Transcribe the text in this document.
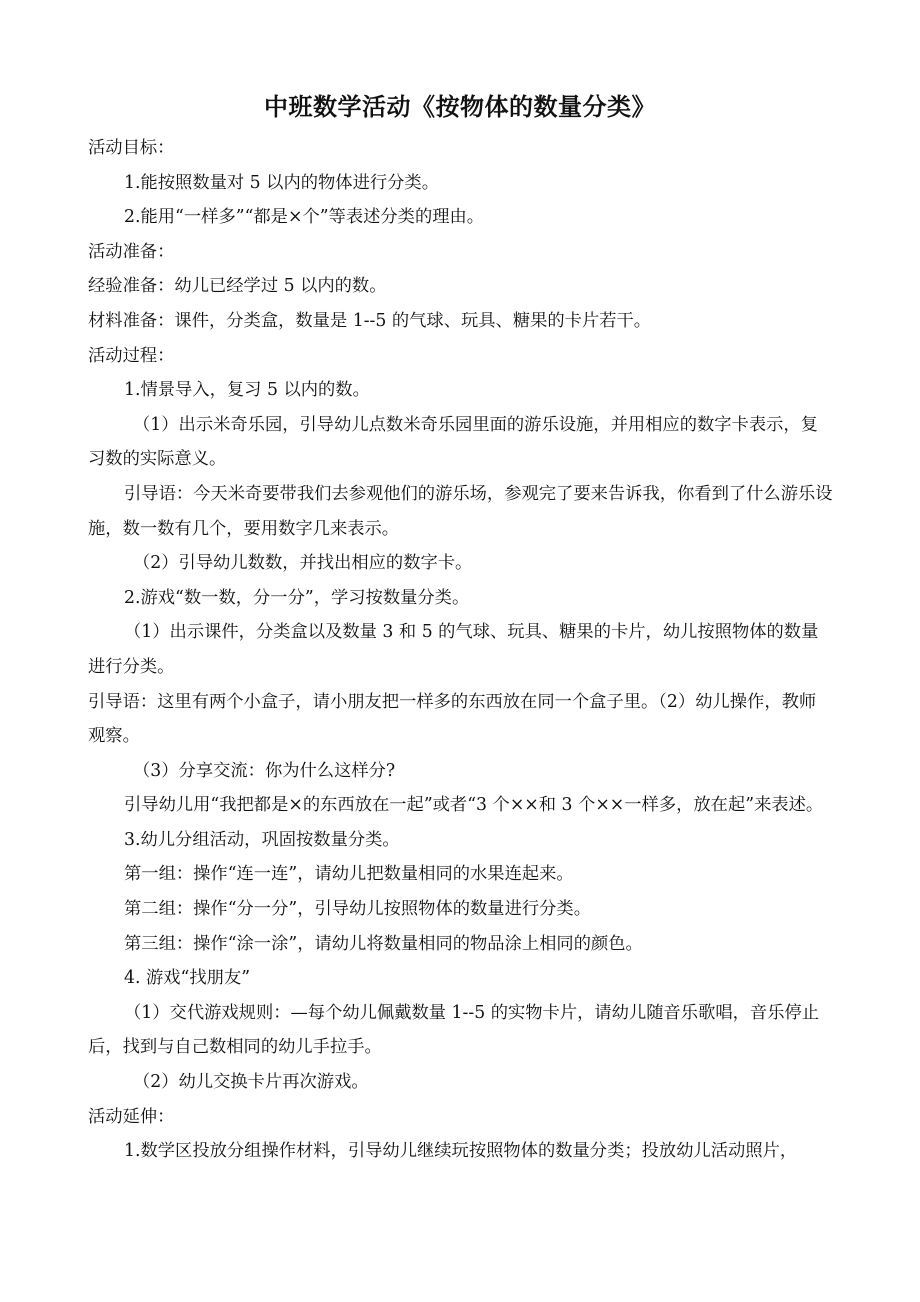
中班数学活动《按物体的数量分类》

活动目标：

1.能按照数量对 5 以内的物体进行分类。

2.能用“一样多”“都是×个”等表述分类的理由。

活动准备：

经验准备：幼儿已经学过 5 以内的数。

材料准备：课件，分类盒，数量是 1--5 的气球、玩具、糖果的卡片若干。

活动过程：

1.情景导入，复习 5 以内的数。

（1）出示米奇乐园，引导幼儿点数米奇乐园里面的游乐设施，并用相应的数字卡表示，复习数的实际意义。

引导语：今天米奇要带我们去参观他们的游乐场，参观完了要来告诉我，你看到了什么游乐设施，数一数有几个，要用数字几来表示。

（2）引导幼儿数数，并找出相应的数字卡。

2.游戏“数一数，分一分”，学习按数量分类。

（1）出示课件，分类盒以及数量 3 和 5 的气球、玩具、糖果的卡片，幼儿按照物体的数量进行分类。

引导语：这里有两个小盒子，请小朋友把一样多的东西放在同一个盒子里。（2）幼儿操作，教师观察。

（3）分享交流：你为什么这样分?

引导幼儿用“我把都是×的东西放在一起”或者“3 个××和 3 个××一样多，放在起”来表述。

3.幼儿分组活动，巩固按数量分类。

第一组：操作“连一连”，请幼儿把数量相同的水果连起来。

第二组：操作“分一分”，引导幼儿按照物体的数量进行分类。

第三组：操作“涂一涂”，请幼儿将数量相同的物品涂上相同的颜色。

4. 游戏“找朋友”

（1）交代游戏规则：—每个幼儿佩戴数量 1--5 的实物卡片，请幼儿随音乐歌唱，音乐停止后，找到与自己数相同的幼儿手拉手。

（2）幼儿交换卡片再次游戏。

活动延伸：

1.数学区投放分组操作材料，引导幼儿继续玩按照物体的数量分类；投放幼儿活动照片，
